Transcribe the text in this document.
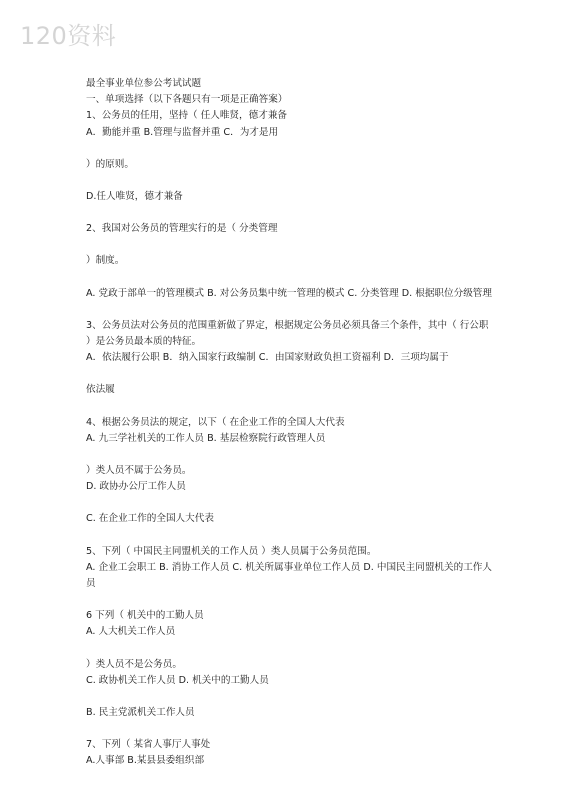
120资料

最全事业单位参公考试试题

一、单项选择（以下各题只有一项是正确答案）

1、公务员的任用，坚持（ 任人唯贤，德才兼备

A．勤能并重 B.管理与监督并重 C．为才是用

）的原则。

D.任人唯贤，德才兼备

2、我国对公务员的管理实行的是（ 分类管理

）制度。

A. 党政于部单一的管理模式 B. 对公务员集中统一管理的模式 C. 分类管理 D. 根据职位分级管理

3、公务员法对公务员的范围重新做了界定，根据规定公务员必须具备三个条件，其中（ 行公职 ）是公务员最本质的特征。

A．依法履行公职 B．纳入国家行政编制 C．由国家财政负担工资福利 D．三项均属于

依法履

4、根据公务员法的规定，以下（ 在企业工作的全国人大代表

A. 九三学社机关的工作人员 B. 基层检察院行政管理人员

）类人员不属于公务员。

D. 政协办公厅工作人员

C. 在企业工作的全国人大代表

5、下列（ 中国民主同盟机关的工作人员 ）类人员属于公务员范围。

A. 企业工会职工 B. 消协工作人员 C. 机关所属事业单位工作人员 D. 中国民主同盟机关的工作人员

6 下列（ 机关中的工勤人员

A. 人大机关工作人员

）类人员不是公务员。

C. 政协机关工作人员 D. 机关中的工勤人员

B. 民主党派机关工作人员

7、下列（ 某省人事厅人事处

A.人事部 B.某县县委组织部
